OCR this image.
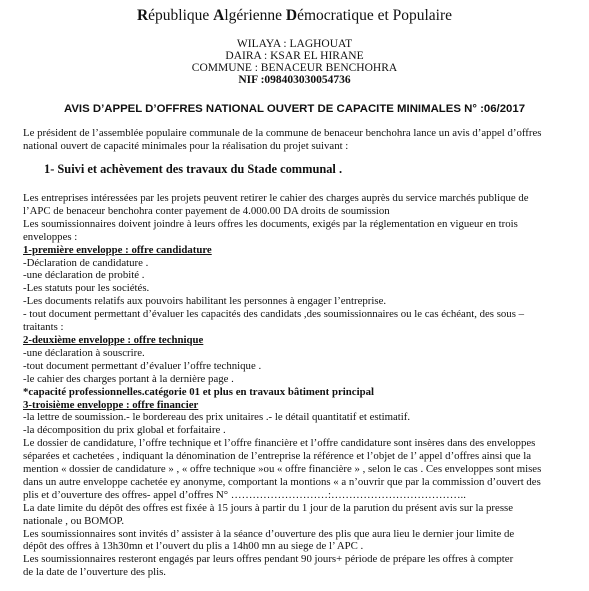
République Algérienne Démocratique et Populaire
WILAYA : LAGHOUAT
DAIRA : KSAR EL HIRANE
COMMUNE : BENACEUR BENCHOHRA
NIF :098403030054736
AVIS D’APPEL D’OFFRES NATIONAL OUVERT DE CAPACITE MINIMALES N° :06/2017
Le président de l’assemblée populaire communale de la commune de benaceur benchohra lance un avis d’appel d’offres
national ouvert de capacité minimales pour la réalisation du projet suivant :
1- Suivi et achèvement des travaux du Stade communal .
Les entreprises intéressées par les projets peuvent retirer le cahier des charges auprès du service marchés publique de
l’APC de benaceur benchohra conter payement de 4.000.00 DA droits de soumission
Les soumissionnaires doivent joindre à leurs offres les documents, exigés par la réglementation en vigueur en trois
enveloppes :
1-première enveloppe : offre candidature
-Déclaration de candidature .
-une déclaration de probité .
-Les statuts pour les sociétés.
-Les documents relatifs aux pouvoirs habilitant les personnes à engager l’entreprise.
- tout document permettant d’évaluer les capacités des candidats ,des soumissionnaires ou le cas échéant, des sous –
traitants :
2-deuxième enveloppe : offre technique
-une déclaration à souscrire.
-tout document permettant d’évaluer l’offre technique .
-le cahier des charges portant à la dernière page .
*capacité professionnelles.catégorie 01 et plus en travaux bâtiment principal
3-troisième enveloppe : offre financier
-la lettre de soumission.- le bordereau des prix unitaires .- le détail quantitatif et estimatif.
-la décomposition du prix global et forfaitaire .
Le dossier de candidature, l’offre technique et l’offre financière et l’offre candidature sont insères dans des enveloppes
séparées et cachetées , indiquant la dénomination de l’entreprise la référence et l’objet de l’ appel d’offres ainsi que la
mention « dossier de candidature » , « offre technique »ou « offre financière » , selon le cas . Ces enveloppes sont mises
dans un autre enveloppe cachetée ey anonyme, comportant la montions « a n’ouvrir que par la commission d’ouvert des
plis et d’ouverture des offres- appel d’offres N° ………………………:………………………………..
La date limite du dépôt des offres est fixée à 15 jours à partir du 1 jour de la parution du présent avis sur la presse
nationale , ou BOMOP.
Les soumissionnaires sont invités d’ assister à la séance d’ouverture des plis que aura lieu le dernier jour limite de
dépôt des offres à 13h30mn et l’ouvert du plis a 14h00 mn au siege de l’ APC .
Les soumissionnaires resteront engagés par leurs offres pendant 90 jours+ période de prépare les offres à compter
de la date de l’ouverture des plis.
